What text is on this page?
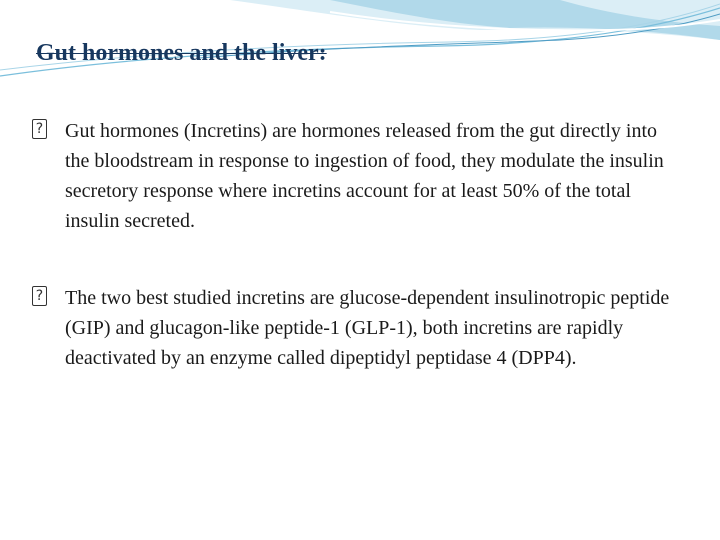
Gut hormones and the liver:

?
Gut hormones (Incretins) are hormones released from the gut directly into the bloodstream in response to ingestion of food, they modulate the insulin secretory response where incretins account for at least 50% of the total insulin secreted.

?
The two best studied incretins are glucose-dependent insulinotropic peptide (GIP) and glucagon-like peptide-1 (GLP-1), both incretins are rapidly deactivated by an enzyme called dipeptidyl peptidase 4 (DPP4).
